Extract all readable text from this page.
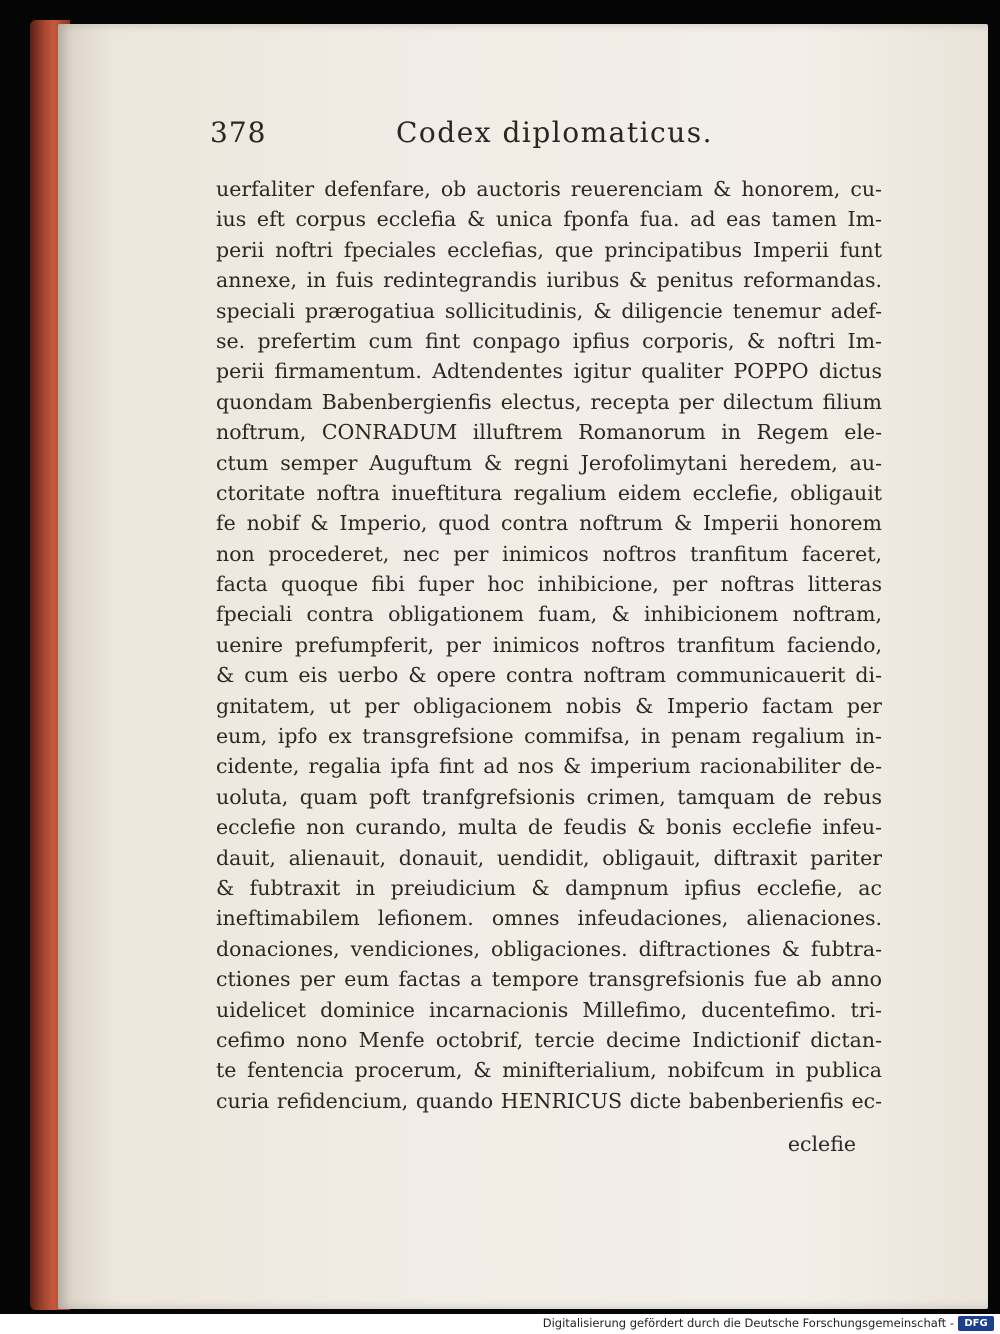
378	Codex diplomaticus.
uerfaliter defenfare, ob auctoris reuerenciam & honorem, cu-
ius eft corpus ecclefia & unica fponfa fua. ad eas tamen Im-
perii noftri fpeciales ecclefias, que principatibus Imperii funt
annexe, in fuis redintegrandis iuribus & penitus reformandas.
speciali prærogatiua sollicitudinis, & diligencie tenemur adef-
se. prefertim cum fint conpago ipfius corporis, & noftri Im-
perii firmamentum. Adtendentes igitur qualiter POPPO dictus
quondam Babenbergienfis electus, recepta per dilectum filium
noftrum, CONRADUM illuftrem Romanorum in Regem ele-
ctum semper Auguftum & regni Jerofolimytani heredem, au-
ctoritate noftra inueftitura regalium eidem ecclefie, obligauit
fe nobif & Imperio, quod contra noftrum & Imperii honorem
non procederet, nec per inimicos noftros tranfitum faceret,
facta quoque fibi fuper hoc inhibicione, per noftras litteras
fpeciali contra obligationem fuam, & inhibicionem noftram,
uenire prefumpferit, per inimicos noftros tranfitum faciendo,
& cum eis uerbo & opere contra noftram communicauerit di-
gnitatem, ut per obligacionem nobis & Imperio factam per
eum, ipfo ex transgrefsione commifsa, in penam regalium in-
cidente, regalia ipfa fint ad nos & imperium racionabiliter de-
uoluta, quam poft tranfgrefsionis crimen, tamquam de rebus
ecclefie non curando, multa de feudis & bonis ecclefie infeu-
dauit, alienauit, donauit, uendidit, obligauit, diftraxit pariter
& fubtraxit in preiudicium & dampnum ipfius ecclefie, ac
ineftimabilem lefionem. omnes infeudaciones, alienaciones.
donaciones, vendiciones, obligaciones. diftractiones & fubtra-
ctiones per eum factas a tempore transgrefsionis fue ab anno
uidelicet dominice incarnacionis Millefimo, ducentefimo. tri-
cefimo nono Menfe octobrif, tercie decime Indictionif dictan-
te fentencia procerum, & minifterialium, nobifcum in publica
curia refidencium, quando HENRICUS dicte babenberienfis ec-
eclefie
Digitalisierung gefördert durch die Deutsche Forschungsgemeinschaft -	DFG
